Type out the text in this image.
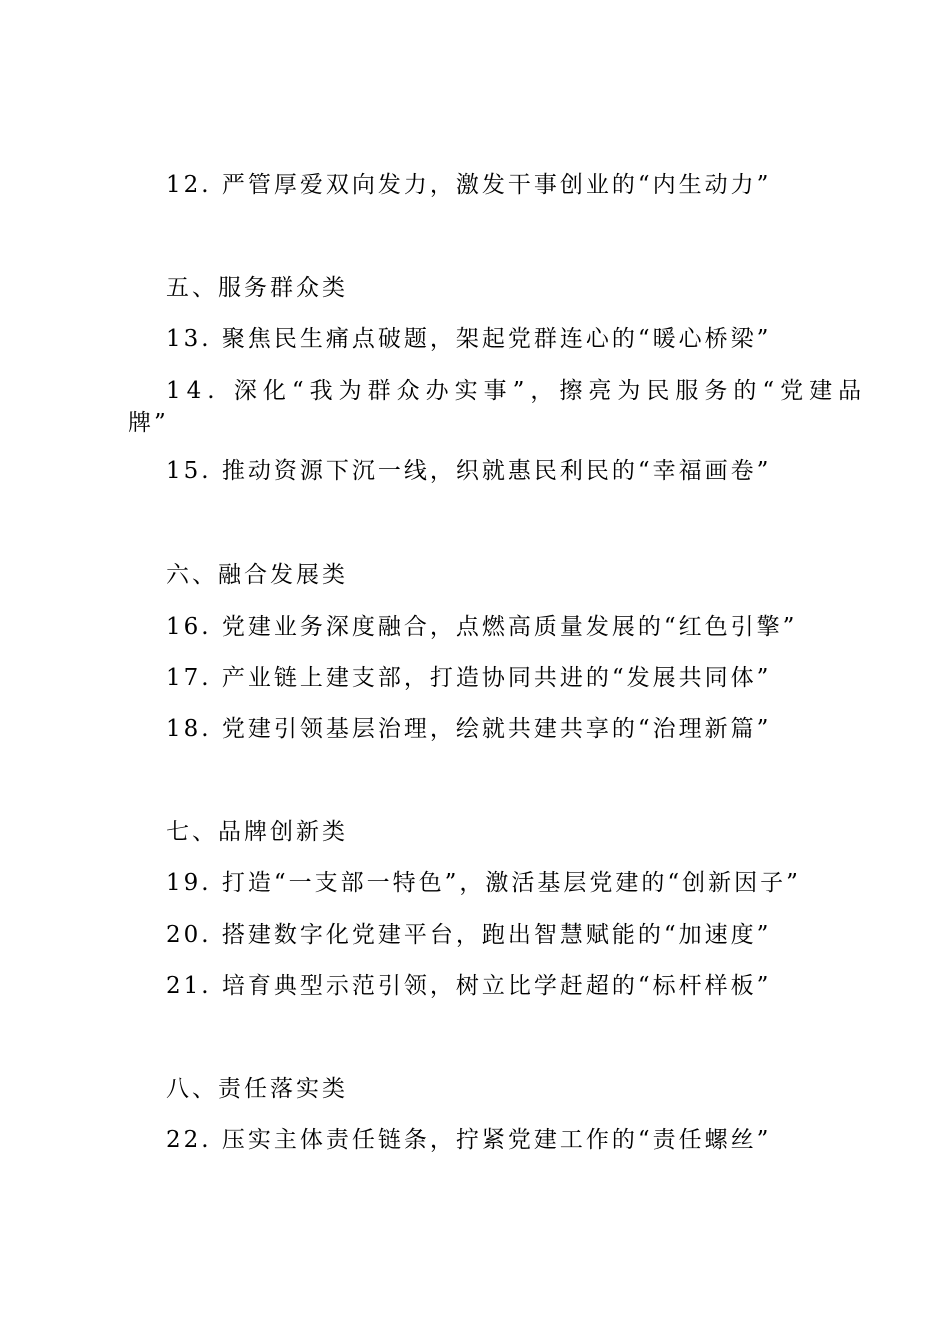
12. 严管厚爱双向发力，激发干事创业的“内生动力”
五、服务群众类
13. 聚焦民生痛点破题，架起党群连心的“暖心桥梁”
14. 深化“我为群众办实事”，擦亮为民服务的“党建品
牌”
15. 推动资源下沉一线，织就惠民利民的“幸福画卷”
六、融合发展类
16. 党建业务深度融合，点燃高质量发展的“红色引擎”
17. 产业链上建支部，打造协同共进的“发展共同体”
18. 党建引领基层治理，绘就共建共享的“治理新篇”
七、品牌创新类
19. 打造“一支部一特色”，激活基层党建的“创新因子”
20. 搭建数字化党建平台，跑出智慧赋能的“加速度”
21. 培育典型示范引领，树立比学赶超的“标杆样板”
八、责任落实类
22. 压实主体责任链条，拧紧党建工作的“责任螺丝”
